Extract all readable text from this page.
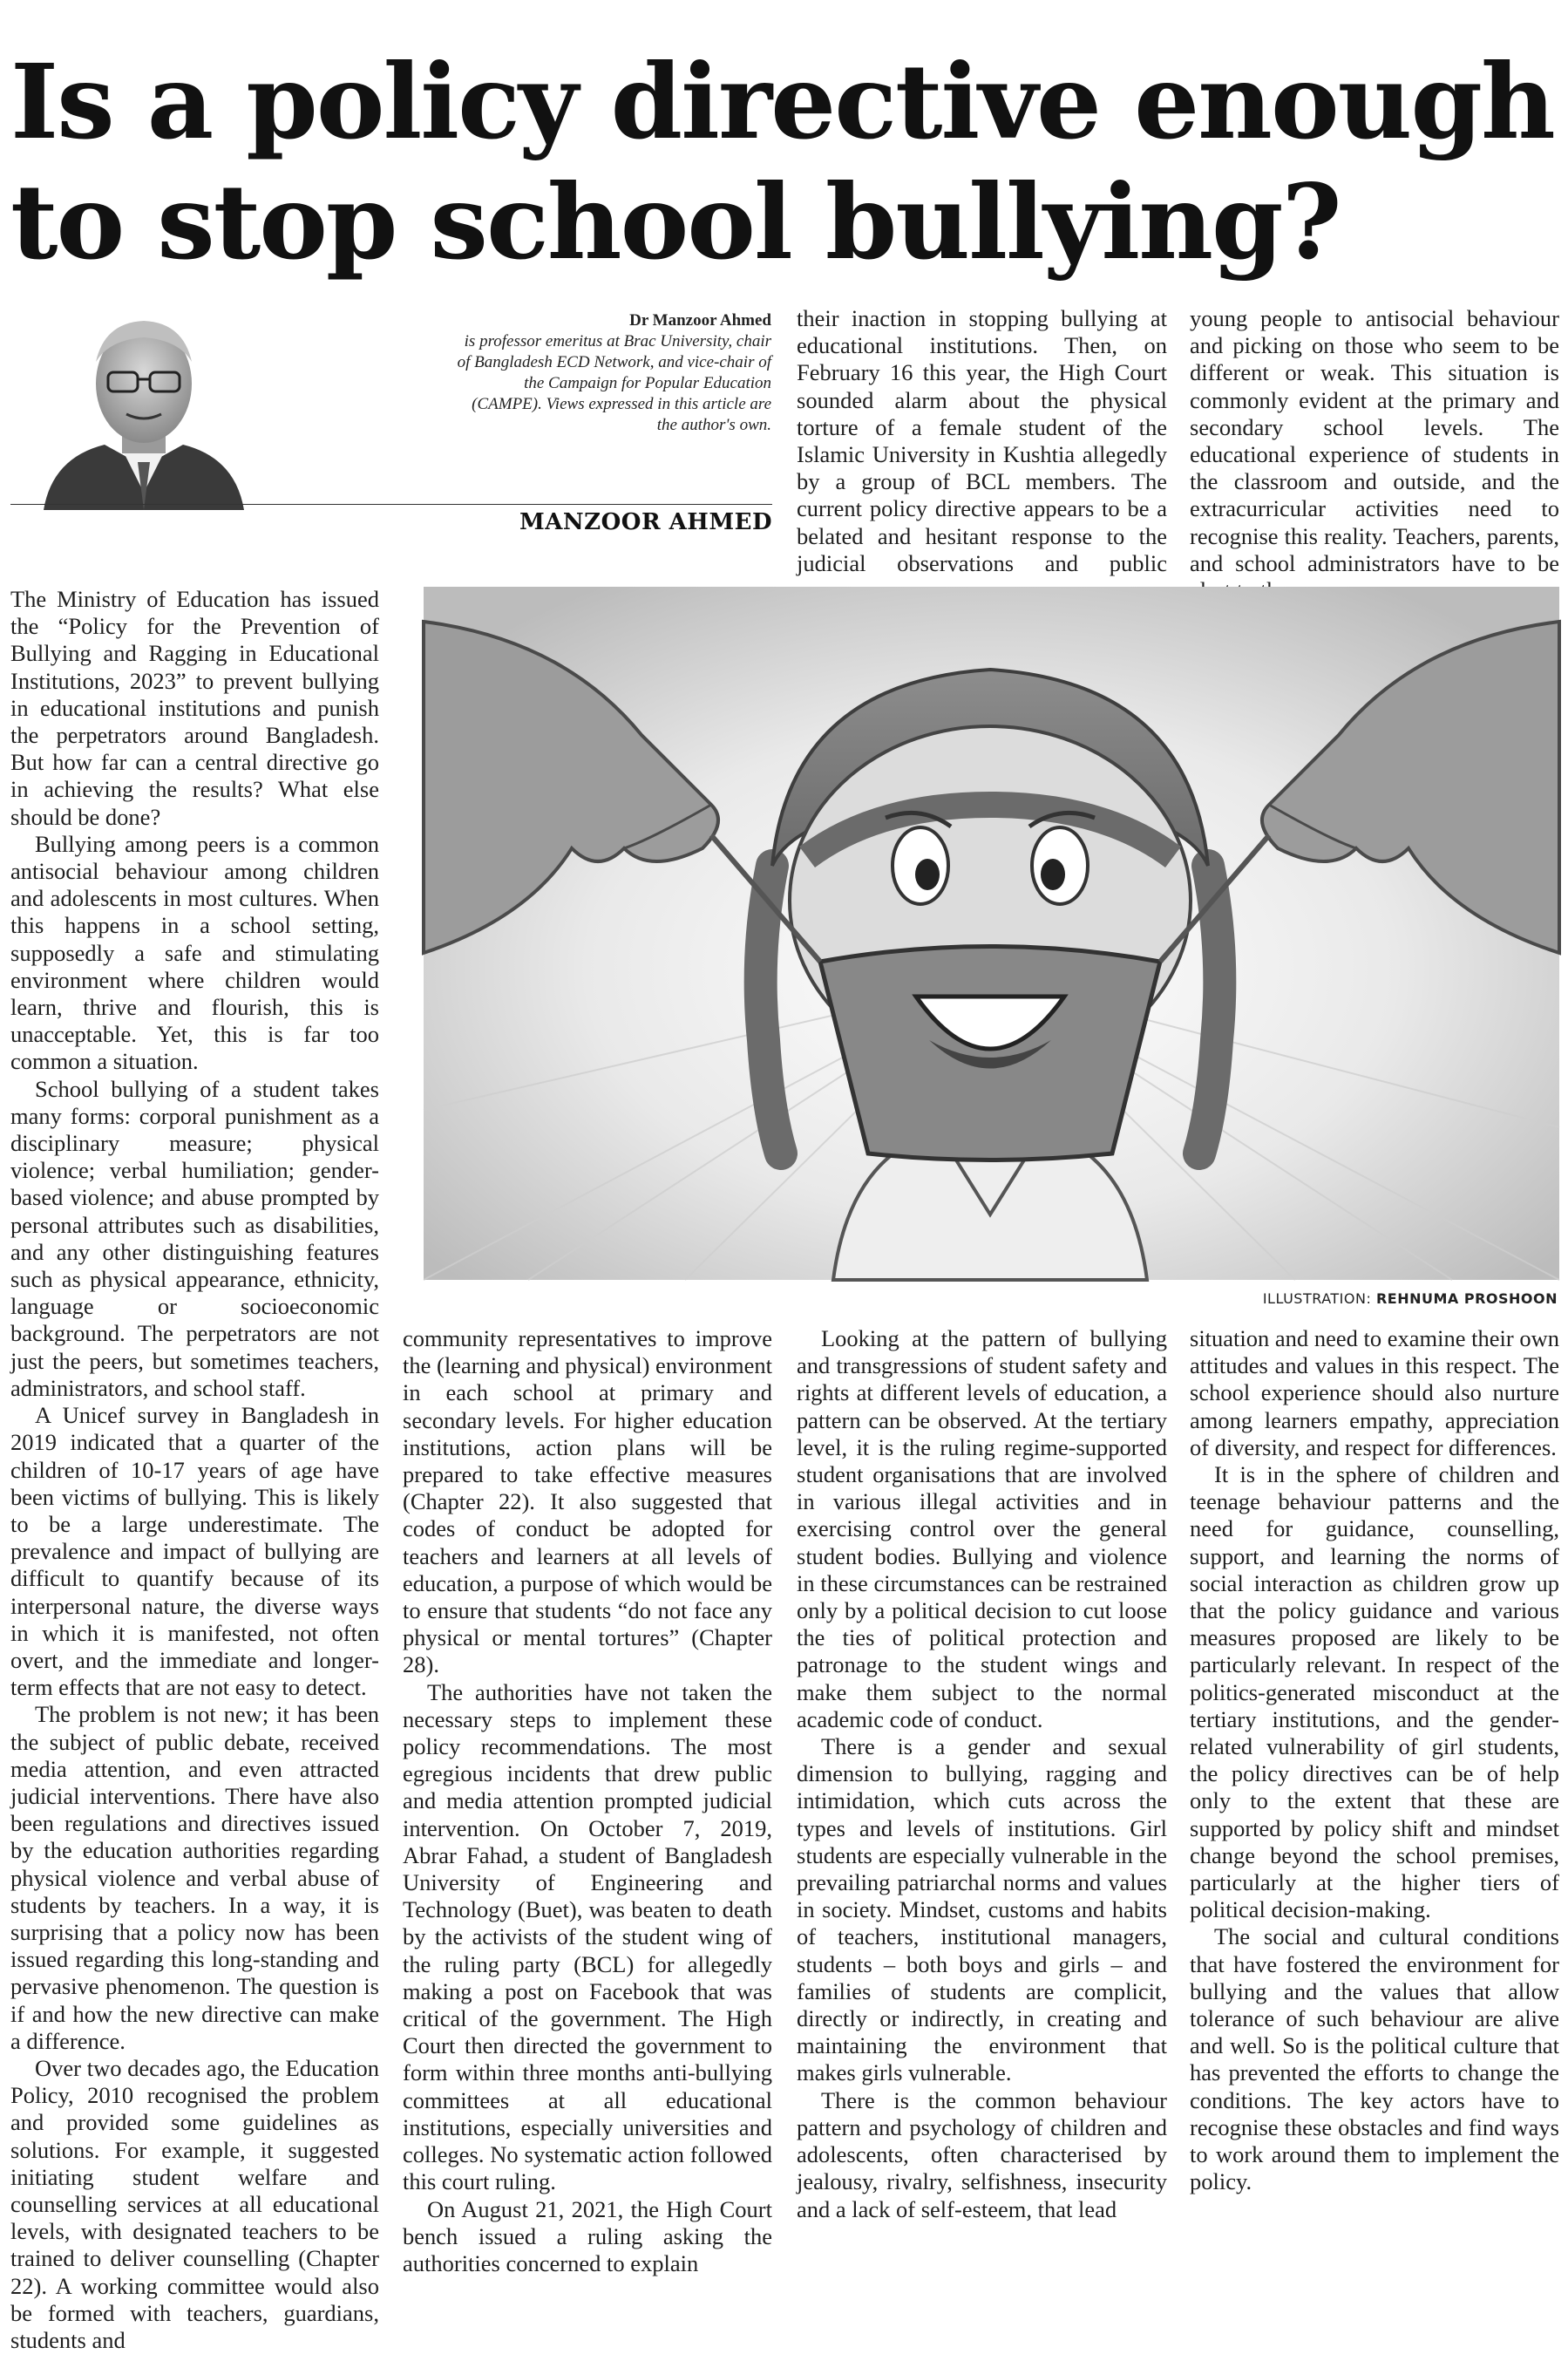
Is a policy directive enough
to stop school bullying?
Dr Manzoor Ahmed
is professor emeritus at Brac University, chair of Bangladesh ECD Network, and vice-chair of the Campaign for Popular Education (CAMPE). Views expressed in this article are the author's own.
MANZOOR AHMED

their inaction in stopping bullying at educational institutions. Then, on February 16 this year, the High Court sounded alarm about the physical torture of a female student of the Islamic University in Kushtia allegedly by a group of BCL members. The current policy directive appears to be a belated and hesitant response to the judicial observations and public

young people to antisocial behaviour and picking on those who seem to be different or weak. This situation is commonly evident at the primary and secondary school levels. The educational experience of students in the classroom and outside, and the extracurricular activities need to recognise this reality. Teachers, parents, and school administrators have to be

ILLUSTRATION: REHNUMA PROSHOON

The Ministry of Education has issued the “Policy for the Prevention of Bullying and Ragging in Educational Institutions, 2023” to prevent bullying in educational institutions and punish the perpetrators around Bangladesh. But how far can a central directive go in achieving the results? What else should be done?

Bullying among peers is a common antisocial behaviour among children and adolescents in most cultures. When this happens in a school setting, supposedly a safe and stimulating environment where children would learn, thrive and flourish, this is unacceptable. Yet, this is far too common a situation.

School bullying of a student takes many forms: corporal punishment as a disciplinary measure; physical violence; verbal humiliation; gender-based violence; and abuse prompted by personal attributes such as disabilities, and any other distinguishing features such as physical appearance, ethnicity, language or socioeconomic background. The perpetrators are not just the peers, but sometimes teachers, administrators, and school staff.

A Unicef survey in Bangladesh in 2019 indicated that a quarter of the children of 10-17 years of age have been victims of bullying. This is likely to be a large underestimate. The prevalence and impact of bullying are difficult to quantify because of its interpersonal nature, the diverse ways in which it is manifested, not often overt, and the immediate and longer-term effects that are not easy to detect.

The problem is not new; it has been the subject of public debate, received media attention, and even attracted judicial interventions. There have also been regulations and directives issued by the education authorities regarding physical violence and verbal abuse of students by teachers. In a way, it is surprising that a policy now has been issued regarding this long-standing and pervasive phenomenon. The question is if and how the new directive can make a difference.

Over two decades ago, the Education Policy, 2010 recognised the problem and provided some guidelines as solutions. For example, it suggested initiating student welfare and counselling services at all educational levels, with designated teachers to be trained to deliver counselling (Chapter 22). A working committee would also be formed with teachers, guardians, students and

community representatives to improve the (learning and physical) environment in each school at primary and secondary levels. For higher education institutions, action plans will be prepared to take effective measures (Chapter 22). It also suggested that codes of conduct be adopted for teachers and learners at all levels of education, a purpose of which would be to ensure that students “do not face any physical or mental tortures” (Chapter 28).

The authorities have not taken the necessary steps to implement these policy recommendations. The most egregious incidents that drew public and media attention prompted judicial intervention. On October 7, 2019, Abrar Fahad, a student of Bangladesh University of Engineering and Technology (Buet), was beaten to death by the activists of the student wing of the ruling party (BCL) for allegedly making a post on Facebook that was critical of the government. The High Court then directed the government to form within three months anti-bullying committees at all educational institutions, especially universities and colleges. No systematic action followed this court ruling.

On August 21, 2021, the High Court bench issued a ruling asking the authorities concerned to explain

Looking at the pattern of bullying and transgressions of student safety and rights at different levels of education, a pattern can be observed. At the tertiary level, it is the ruling regime-supported student organisations that are involved in various illegal activities and in exercising control over the general student bodies. Bullying and violence in these circumstances can be restrained only by a political decision to cut loose the ties of political protection and patronage to the student wings and make them subject to the normal academic code of conduct.

There is a gender and sexual dimension to bullying, ragging and intimidation, which cuts across the types and levels of institutions. Girl students are especially vulnerable in the prevailing patriarchal norms and values in society. Mindset, customs and habits of teachers, institutional managers, students – both boys and girls – and families of students are complicit, directly or indirectly, in creating and maintaining the environment that makes girls vulnerable.

There is the common behaviour pattern and psychology of children and adolescents, often characterised by jealousy, rivalry, selfishness, insecurity and a lack of self-esteem, that lead

situation and need to examine their own attitudes and values in this respect. The school experience should also nurture among learners empathy, appreciation of diversity, and respect for differences.

It is in the sphere of children and teenage behaviour patterns and the need for guidance, counselling, support, and learning the norms of social interaction as children grow up that the policy guidance and various measures proposed are likely to be particularly relevant. In respect of the politics-generated misconduct at the tertiary institutions, and the gender-related vulnerability of girl students, the policy directives can be of help only to the extent that these are supported by policy shift and mindset change beyond the school premises, particularly at the higher tiers of political decision-making.

The social and cultural conditions that have fostered the environment for bullying and the values that allow tolerance of such behaviour are alive and well. So is the political culture that has prevented the efforts to change the conditions. The key actors have to recognise these obstacles and find ways to work around them to implement the policy.
